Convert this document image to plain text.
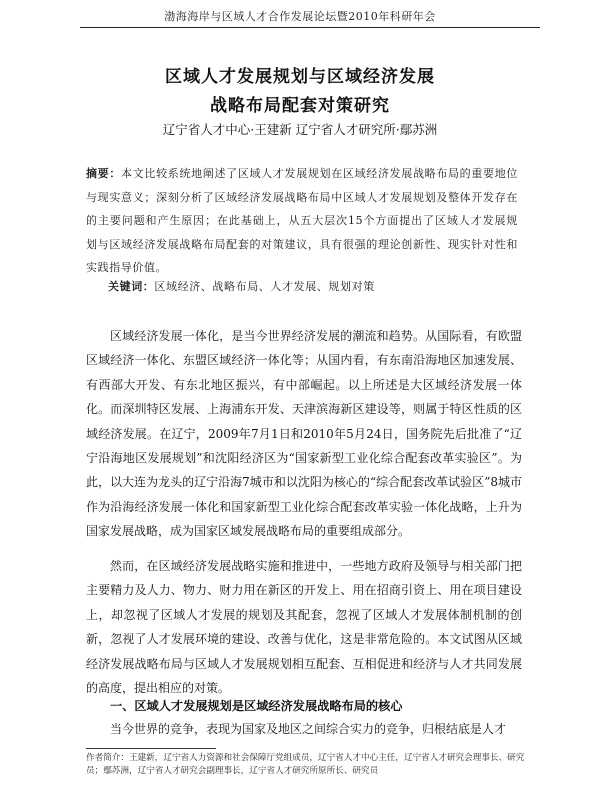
渤海海岸与区域人才合作发展论坛暨2010年科研年会
区域人才发展规划与区域经济发展
战略布局配套对策研究
辽宁省人才中心·王建新 辽宁省人才研究所·鄢苏洲
摘要：本文比较系统地阐述了区域人才发展规划在区域经济发展战略布局的重要地位与现实意义；深刻分析了区域经济发展战略布局中区域人才发展规划及整体开发存在的主要问题和产生原因；在此基础上，从五大层次15个方面提出了区域人才发展规划与区域经济发展战略布局配套的对策建议，具有很强的理论创新性、现实针对性和实践指导价值。
关键词：区域经济、战略布局、人才发展、规划对策

区域经济发展一体化，是当今世界经济发展的潮流和趋势。从国际看，有欧盟区域经济一体化、东盟区域经济一体化等；从国内看，有东南沿海地区加速发展、有西部大开发、有东北地区振兴，有中部崛起。以上所述是大区域经济发展一体化。而深圳特区发展、上海浦东开发、天津滨海新区建设等，则属于特区性质的区域经济发展。在辽宁，2009年7月1日和2010年5月24日，国务院先后批准了“辽宁沿海地区发展规划”和沈阳经济区为“国家新型工业化综合配套改革实验区”。为此，以大连为龙头的辽宁沿海7城市和以沈阳为核心的“综合配套改革试验区”8城市作为沿海经济发展一体化和国家新型工业化综合配套改革实验一体化战略，上升为国家发展战略，成为国家区域发展战略布局的重要组成部分。

然而，在区域经济发展战略实施和推进中，一些地方政府及领导与相关部门把主要精力及人力、物力、财力用在新区的开发上、用在招商引资上、用在项目建设上，却忽视了区域人才发展的规划及其配套，忽视了区域人才发展体制机制的创新，忽视了人才发展环境的建设、改善与优化，这是非常危险的。本文试图从区域经济发展战略布局与区域人才发展规划相互配套、互相促进和经济与人才共同发展的高度，提出相应的对策。

一、区域人才发展规划是区域经济发展战略布局的核心

当今世界的竞争，表现为国家及地区之间综合实力的竞争，归根结底是人才

作者简介：王建新，辽宁省人力资源和社会保障厅党组成员，辽宁省人才中心主任，辽宁省人才研究会理事长、研究员；鄢苏洲，辽宁省人才研究会副理事长，辽宁省人才研究所原所长、研究员
